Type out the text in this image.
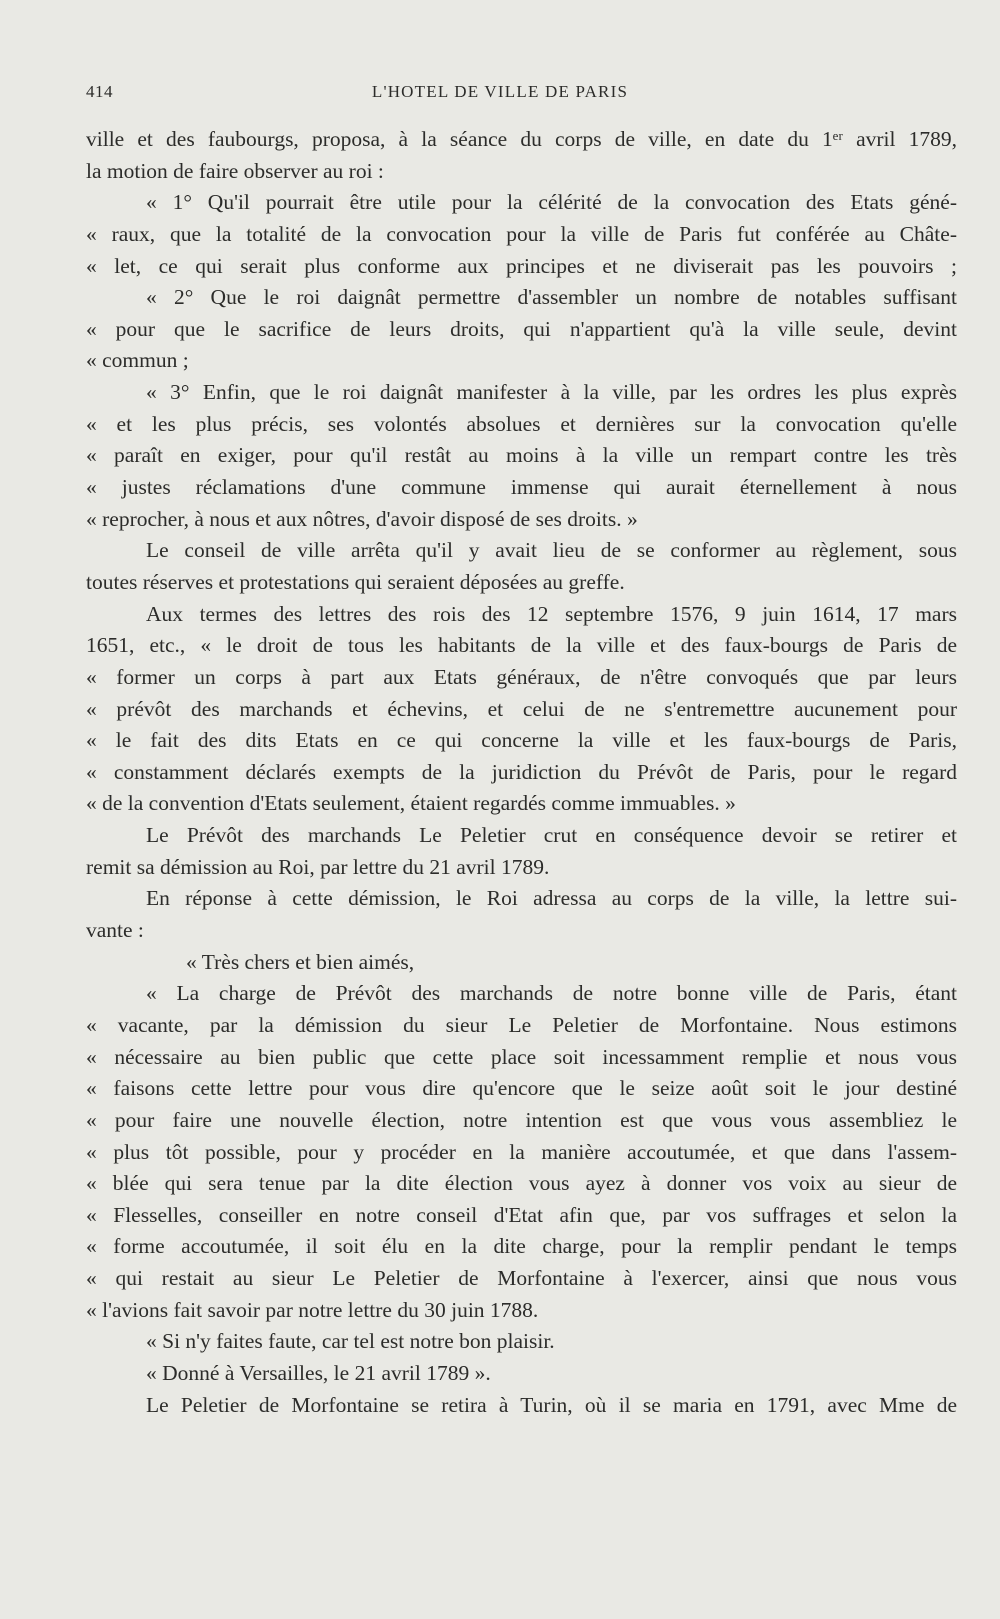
414	L'HOTEL DE VILLE DE PARIS
ville et des faubourgs, proposa, à la séance du corps de ville, en date du 1ᵉʳ avril 1789,
la motion de faire observer au roi :
« 1° Qu'il pourrait être utile pour la célérité de la convocation des Etats géné-
« raux, que la totalité de la convocation pour la ville de Paris fut conférée au Châte-
« let, ce qui serait plus conforme aux principes et ne diviserait pas les pouvoirs ;
« 2° Que le roi daignât permettre d'assembler un nombre de notables suffisant
« pour que le sacrifice de leurs droits, qui n'appartient qu'à la ville seule, devint
« commun ;
« 3° Enfin, que le roi daignât manifester à la ville, par les ordres les plus exprès
« et les plus précis, ses volontés absolues et dernières sur la convocation qu'elle
« paraît en exiger, pour qu'il restât au moins à la ville un rempart contre les très
« justes réclamations d'une commune immense qui aurait éternellement à nous
« reprocher, à nous et aux nôtres, d'avoir disposé de ses droits. »
Le conseil de ville arrêta qu'il y avait lieu de se conformer au règlement, sous
toutes réserves et protestations qui seraient déposées au greffe.
Aux termes des lettres des rois des 12 septembre 1576, 9 juin 1614, 17 mars
1651, etc., « le droit de tous les habitants de la ville et des faux-bourgs de Paris de
« former un corps à part aux Etats généraux, de n'être convoqués que par leurs
« prévôt des marchands et échevins, et celui de ne s'entremettre aucunement pour
« le fait des dits Etats en ce qui concerne la ville et les faux-bourgs de Paris,
« constamment déclarés exempts de la juridiction du Prévôt de Paris, pour le regard
« de la convention d'Etats seulement, étaient regardés comme immuables. »
Le Prévôt des marchands Le Peletier crut en conséquence devoir se retirer et
remit sa démission au Roi, par lettre du 21 avril 1789.
En réponse à cette démission, le Roi adressa au corps de la ville, la lettre sui-
vante :
« Très chers et bien aimés,
« La charge de Prévôt des marchands de notre bonne ville de Paris, étant
« vacante, par la démission du sieur Le Peletier de Morfontaine. Nous estimons
« nécessaire au bien public que cette place soit incessamment remplie et nous vous
« faisons cette lettre pour vous dire qu'encore que le seize août soit le jour destiné
« pour faire une nouvelle élection, notre intention est que vous vous assembliez le
« plus tôt possible, pour y procéder en la manière accoutumée, et que dans l'assem-
« blée qui sera tenue par la dite élection vous ayez à donner vos voix au sieur de
« Flesselles, conseiller en notre conseil d'Etat afin que, par vos suffrages et selon la
« forme accoutumée, il soit élu en la dite charge, pour la remplir pendant le temps
« qui restait au sieur Le Peletier de Morfontaine à l'exercer, ainsi que nous vous
« l'avions fait savoir par notre lettre du 30 juin 1788.
« Si n'y faites faute, car tel est notre bon plaisir.
« Donné à Versailles, le 21 avril 1789 ».
Le Peletier de Morfontaine se retira à Turin, où il se maria en 1791, avec Mme de
